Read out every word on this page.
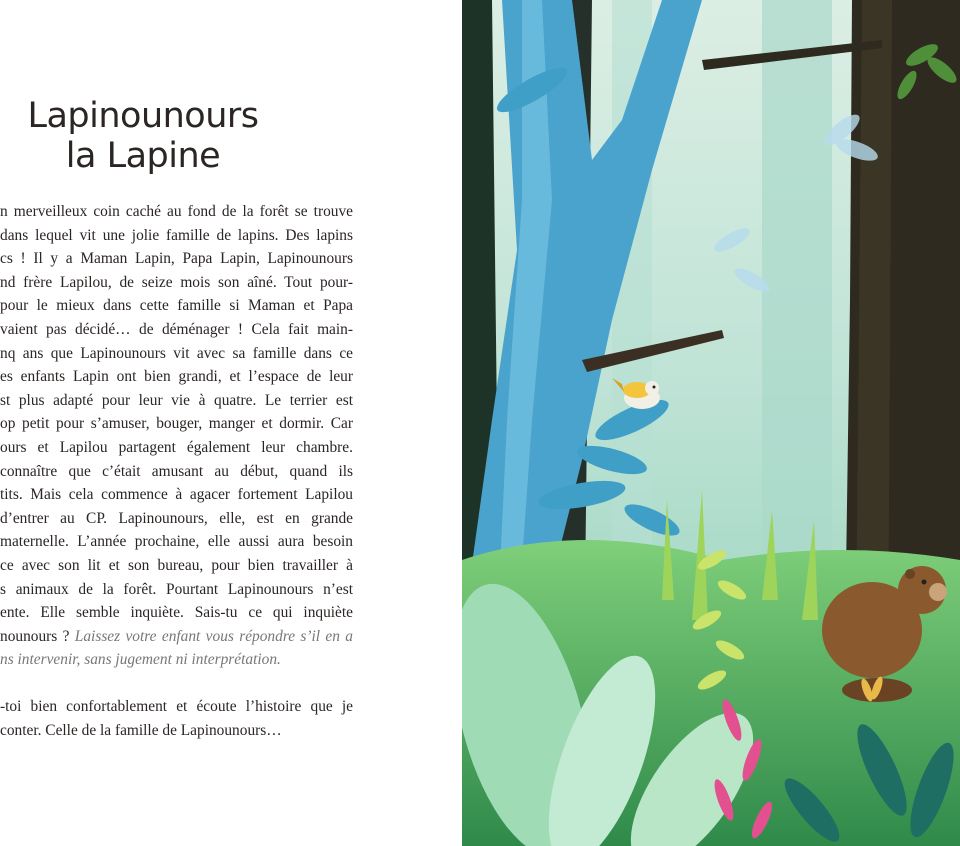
Lapinounours
la Lapine
n merveilleux coin caché au fond de la forêt se trouve
dans lequel vit une jolie famille de lapins. Des lapins
cs ! Il y a Maman Lapin, Papa Lapin, Lapinounours
nd frère Lapilou, de seize mois son aîné. Tout pour-
pour le mieux dans cette famille si Maman et Papa
vaient pas décidé… de déménager ! Cela fait main-
nq ans que Lapinounours vit avec sa famille dans ce
es enfants Lapin ont bien grandi, et l’espace de leur
st plus adapté pour leur vie à quatre. Le terrier est
op petit pour s’amuser, bouger, manger et dormir. Car
ours et Lapilou partagent également leur chambre.
connaître que c’était amusant au début, quand ils
tits. Mais cela commence à agacer fortement Lapilou
d’entrer au CP. Lapinounours, elle, est en grande
maternelle. L’année prochaine, elle aussi aura besoin
ce avec son lit et son bureau, pour bien travailler à
s animaux de la forêt. Pourtant Lapinounours n’est
ente. Elle semble inquiète. Sais-tu ce qui inquiète
nounours ? Laissez votre enfant vous répondre s’il en a
ns intervenir, sans jugement ni interprétation.
-toi bien confortablement et écoute l’histoire que je
conter. Celle de la famille de Lapinounours…
